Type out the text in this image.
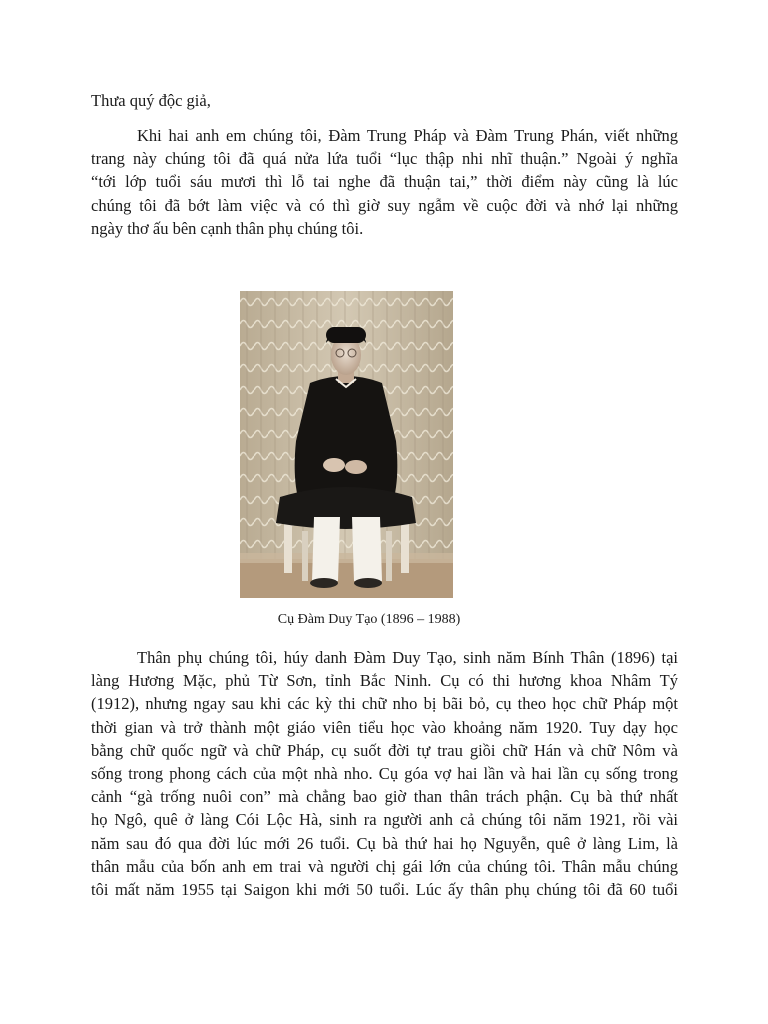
Thưa quý độc giả,
Khi hai anh em chúng tôi, Đàm Trung Pháp và Đàm Trung Phán, viết những
trang này chúng tôi đã quá nửa lứa tuổi “lục thập nhi nhĩ thuận.” Ngoài ý nghĩa
“tới lớp tuổi sáu mươi thì lỗ tai nghe đã thuận tai,” thời điểm này cũng là lúc
chúng tôi đã bớt làm việc và có thì giờ suy ngẫm về cuộc đời và nhớ lại những
ngày thơ ấu bên cạnh thân phụ chúng tôi.
Cụ Đàm Duy Tạo (1896 – 1988)
Thân phụ chúng tôi, húy danh Đàm Duy Tạo, sinh năm Bính Thân (1896) tại
làng Hương Mặc, phủ Từ Sơn, tỉnh Bắc Ninh. Cụ có thi hương khoa Nhâm Tý
(1912), nhưng ngay sau khi các kỳ thi chữ nho bị bãi bỏ, cụ theo học chữ Pháp một
thời gian và trở thành một giáo viên tiểu học vào khoảng năm 1920. Tuy dạy học
bằng chữ quốc ngữ và chữ Pháp, cụ suốt đời tự trau giồi chữ Hán và chữ Nôm và
sống trong phong cách của một nhà nho. Cụ góa vợ hai lần và hai lần cụ sống trong
cảnh “gà trống nuôi con” mà chẳng bao giờ than thân trách phận. Cụ bà thứ nhất
họ Ngô, quê ở làng Cói Lộc Hà, sinh ra người anh cả chúng tôi năm 1921, rồi vài
năm sau đó qua đời lúc mới 26 tuổi. Cụ bà thứ hai họ Nguyễn, quê ở làng Lim, là
thân mẫu của bốn anh em trai và người chị gái lớn của chúng tôi. Thân mẫu chúng
tôi mất năm 1955 tại Saigon khi mới 50 tuổi. Lúc ấy thân phụ chúng tôi đã 60 tuổi
